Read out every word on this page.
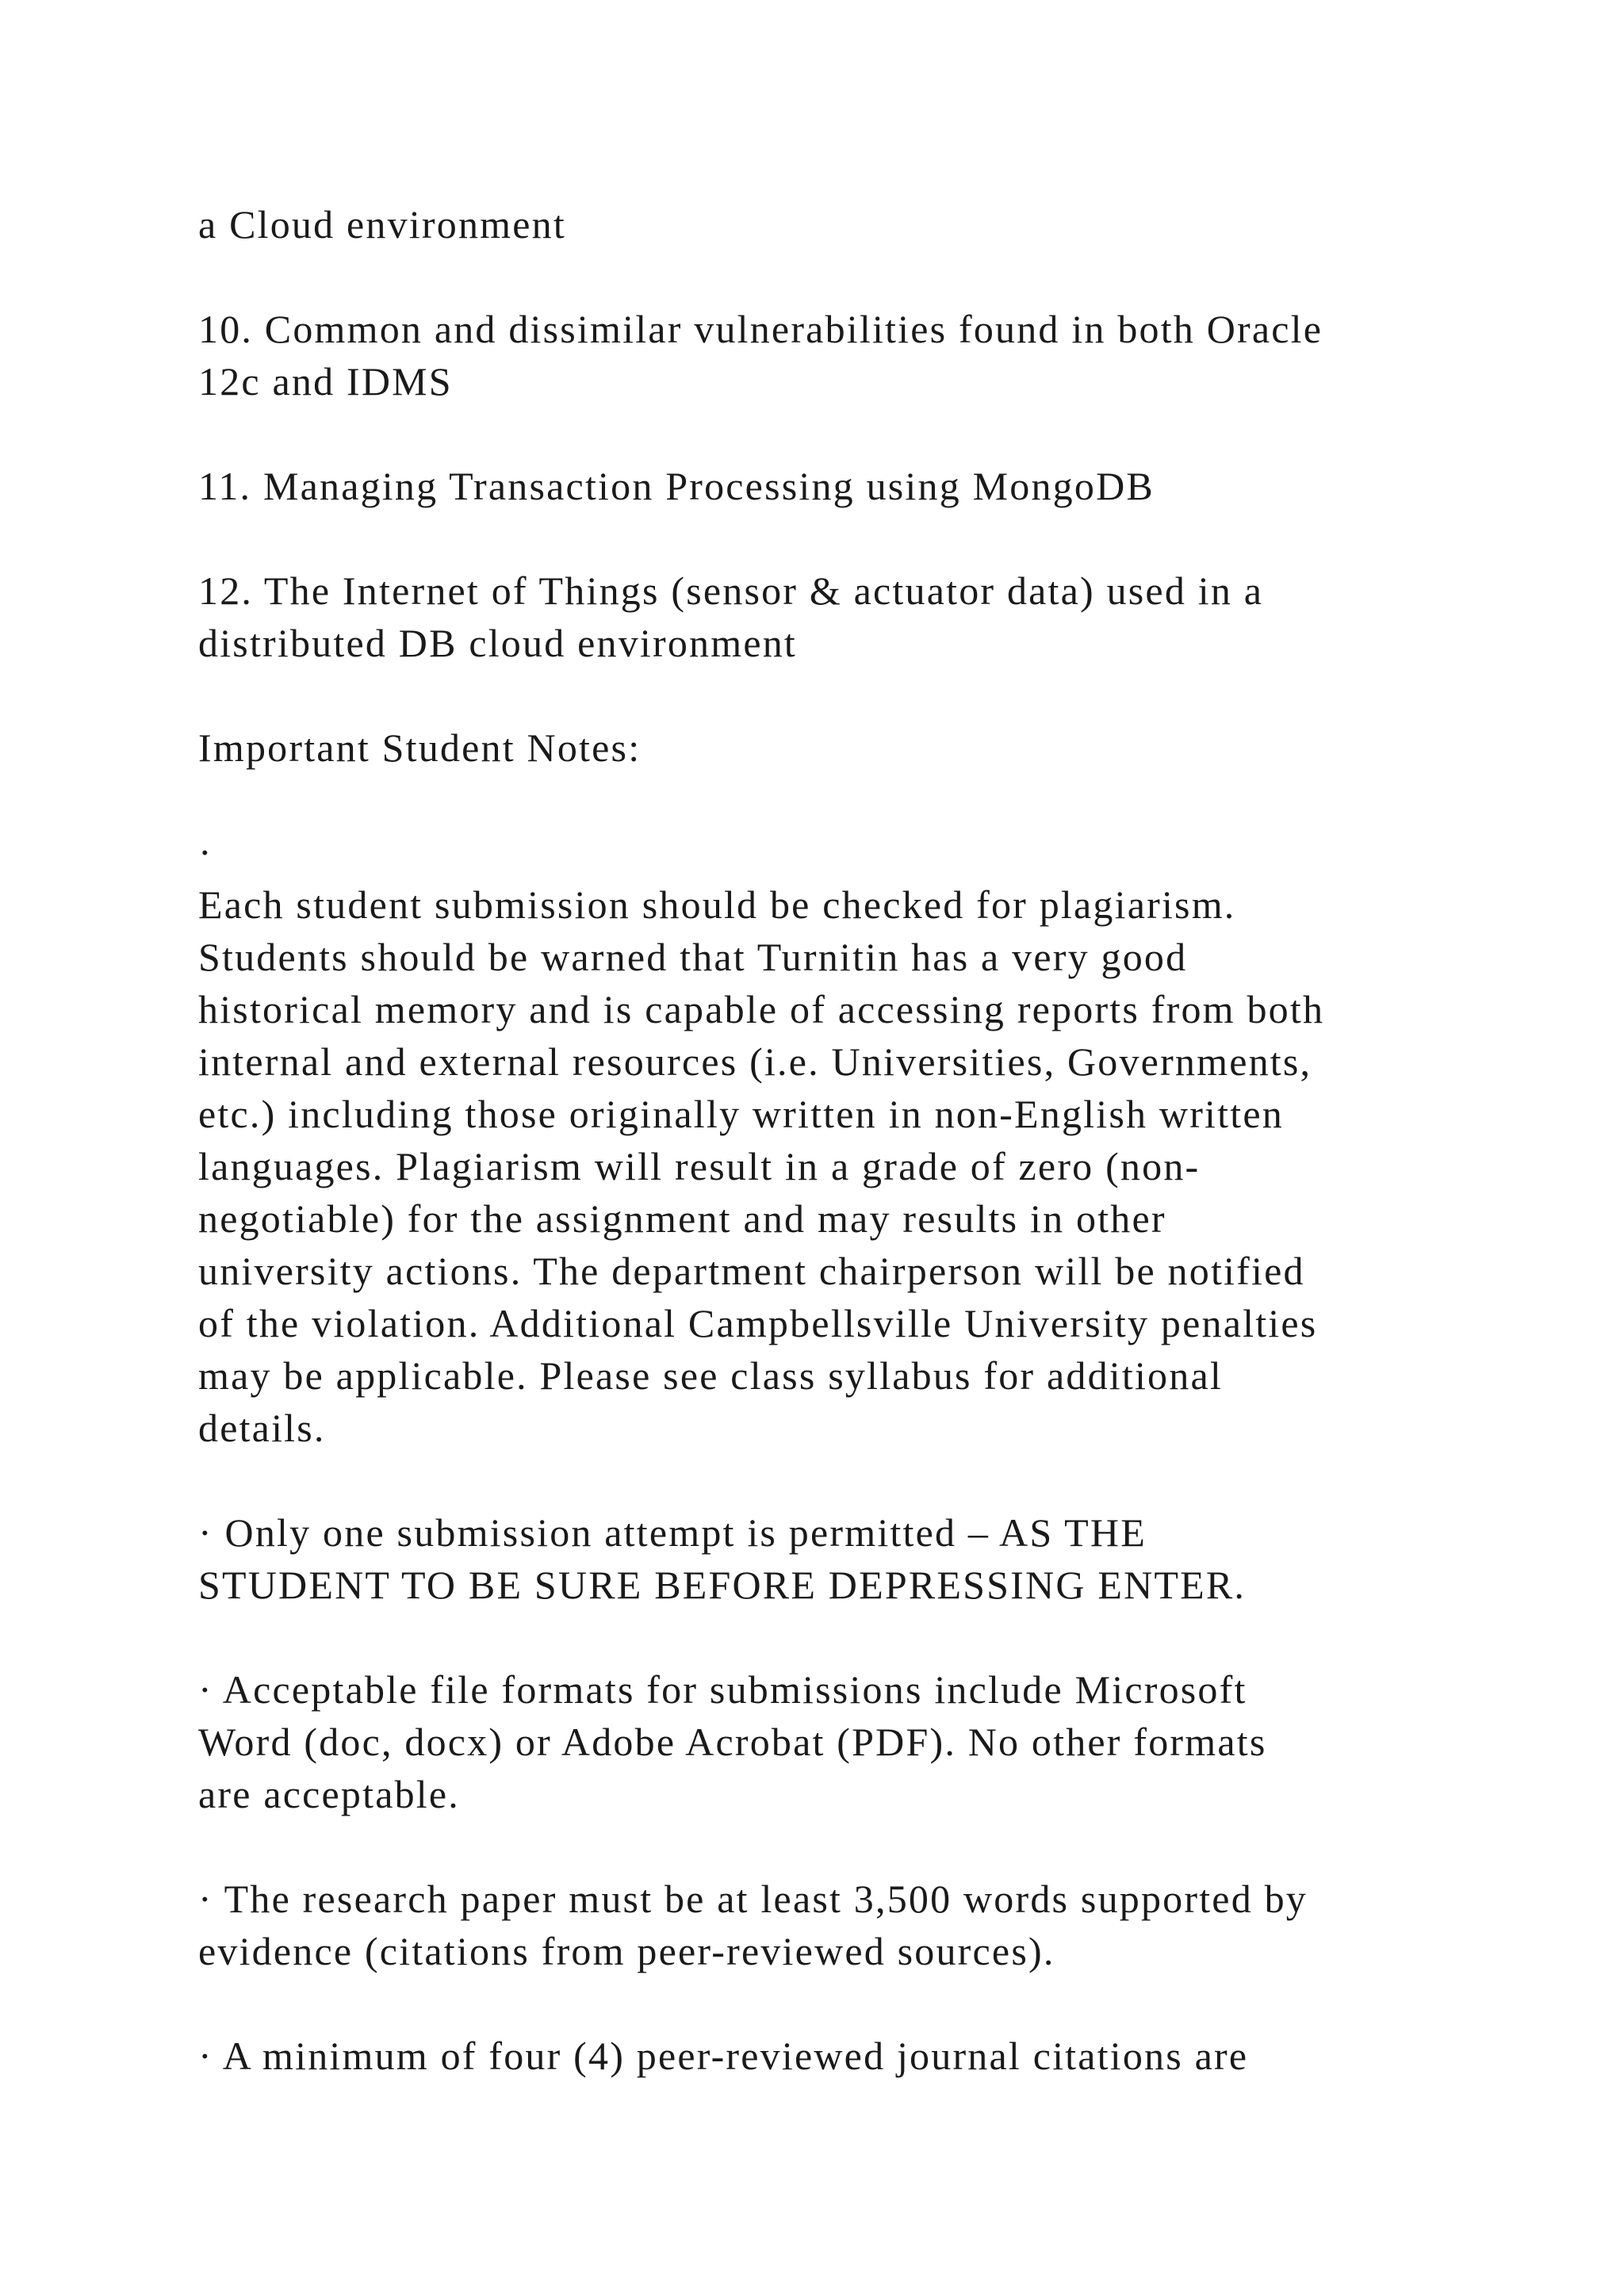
a Cloud environment

10. Common and dissimilar vulnerabilities found in both Oracle
12c and IDMS

11. Managing Transaction Processing using MongoDB

12. The Internet of Things (sensor & actuator data) used in a
distributed DB cloud environment

Important Student Notes:

·

Each student submission should be checked for plagiarism.
Students should be warned that Turnitin has a very good
historical memory and is capable of accessing reports from both
internal and external resources (i.e. Universities, Governments,
etc.) including those originally written in non-English written
languages. Plagiarism will result in a grade of zero (non-
negotiable) for the assignment and may results in other
university actions. The department chairperson will be notified
of the violation. Additional Campbellsville University penalties
may be applicable. Please see class syllabus for additional
details.

· Only one submission attempt is permitted – AS THE
STUDENT TO BE SURE BEFORE DEPRESSING ENTER.

· Acceptable file formats for submissions include Microsoft
Word (doc, docx) or Adobe Acrobat (PDF). No other formats
are acceptable.

· The research paper must be at least 3,500 words supported by
evidence (citations from peer-reviewed sources).

· A minimum of four (4) peer-reviewed journal citations are
